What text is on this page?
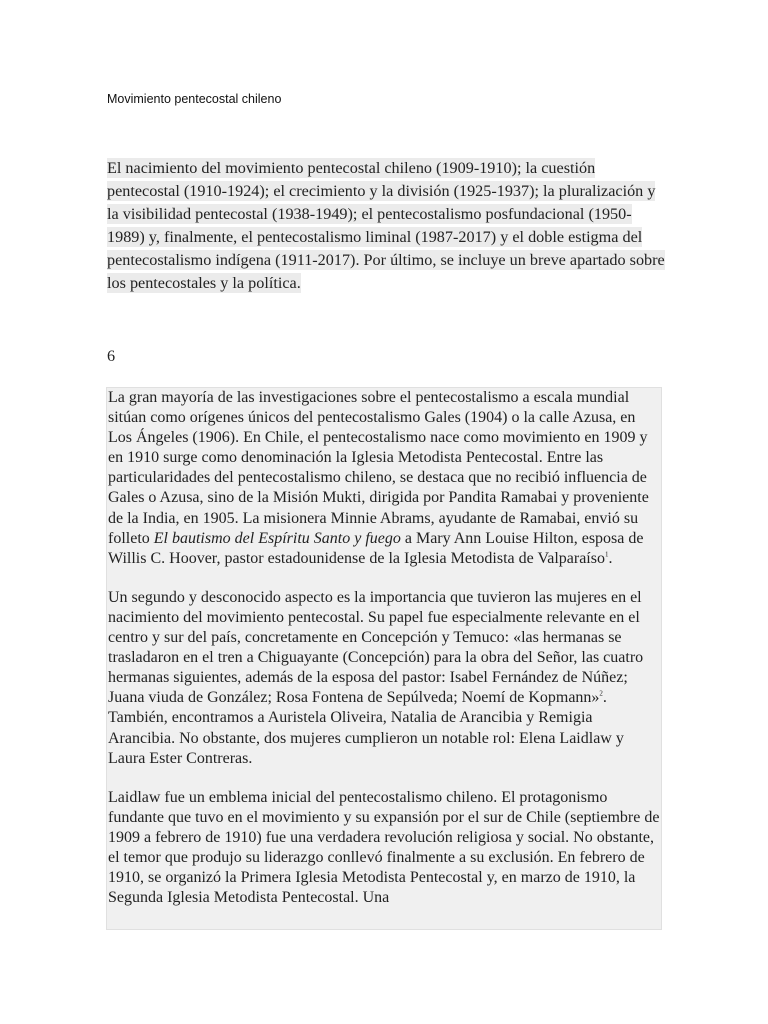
Movimiento pentecostal chileno

El nacimiento del movimiento pentecostal chileno (1909-1910); la cuestión pentecostal (1910-1924); el crecimiento y la división (1925-1937); la pluralización y la visibilidad pentecostal (1938-1949); el pentecostalismo posfundacional (1950-1989) y, finalmente, el pentecostalismo liminal (1987-2017) y el doble estigma del pentecostalismo indígena (1911-2017). Por último, se incluye un breve apartado sobre los pentecostales y la política.

6

La gran mayoría de las investigaciones sobre el pentecostalismo a escala mundial sitúan como orígenes únicos del pentecostalismo Gales (1904) o la calle Azusa, en Los Ángeles (1906). En Chile, el pentecostalismo nace como movimiento en 1909 y en 1910 surge como denominación la Iglesia Metodista Pentecostal. Entre las particularidades del pentecostalismo chileno, se destaca que no recibió influencia de Gales o Azusa, sino de la Misión Mukti, dirigida por Pandita Ramabai y proveniente de la India, en 1905. La misionera Minnie Abrams, ayudante de Ramabai, envió su folleto El bautismo del Espíritu Santo y fuego a Mary Ann Louise Hilton, esposa de Willis C. Hoover, pastor estadounidense de la Iglesia Metodista de Valparaíso$^1$.

Un segundo y desconocido aspecto es la importancia que tuvieron las mujeres en el nacimiento del movimiento pentecostal. Su papel fue especialmente relevante en el centro y sur del país, concretamente en Concepción y Temuco: «las hermanas se trasladaron en el tren a Chiguayante (Concepción) para la obra del Señor, las cuatro hermanas siguientes, además de la esposa del pastor: Isabel Fernández de Núñez; Juana viuda de González; Rosa Fontena de Sepúlveda; Noemí de Kopmann»$^2$. También, encontramos a Auristela Oliveira, Natalia de Arancibia y Remigia Arancibia. No obstante, dos mujeres cumplieron un notable rol: Elena Laidlaw y Laura Ester Contreras.

Laidlaw fue un emblema inicial del pentecostalismo chileno. El protagonismo fundante que tuvo en el movimiento y su expansión por el sur de Chile (septiembre de 1909 a febrero de 1910) fue una verdadera revolución religiosa y social. No obstante, el temor que produjo su liderazgo conllevó finalmente a su exclusión. En febrero de 1910, se organizó la Primera Iglesia Metodista Pentecostal y, en marzo de 1910, la Segunda Iglesia Metodista Pentecostal. Una
